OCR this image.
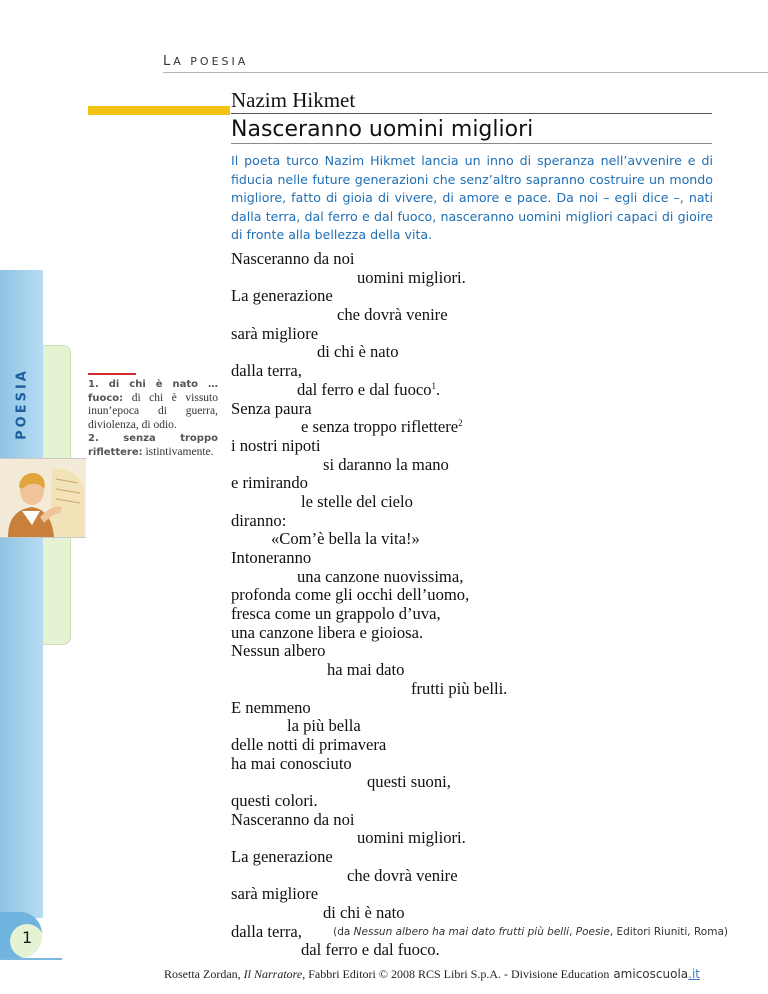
LA POESIA
Nazim Hikmet
Nasceranno uomini migliori
Il poeta turco Nazim Hikmet lancia un inno di speranza nell’avvenire e di fiducia nelle future generazioni che senz’altro sapranno costruire un mondo migliore, fatto di gioia di vivere, di amore e pace. Da noi – egli dice –, nati dalla terra, dal ferro e dal fuoco, nasceranno uomini migliori capaci di gioire di fronte alla bellezza della vita.
POESIA	1. di chi è nato … fuoco: di chi è vissuto inun’epoca di guerra, diviolenza, di odio.

2. senza troppo riflettere: istintivamente.

Nasceranno da noi
uomini migliori.
La generazione
che dovrà venire
sarà migliore
di chi è nato
dalla terra,
dal ferro e dal fuoco$^1$.
Senza paura
e senza troppo riflettere$^2$
i nostri nipoti
si daranno la mano
e rimirando
le stelle del cielo
diranno:
«Com’è bella la vita!»
Intoneranno
una canzone nuovissima,
profonda come gli occhi dell’uomo,
fresca come un grappolo d’uva,
una canzone libera e gioiosa.
Nessun albero
ha mai dato
frutti più belli.
E nemmeno
la più bella
delle notti di primavera
ha mai conosciuto
questi suoni,
questi colori.
Nasceranno da noi
uomini migliori.
La generazione
che dovrà venire
sarà migliore
di chi è nato
dalla terra,
dal ferro e dal fuoco.
(da Nessun albero ha mai dato frutti più belli, Poesie, Editori Riuniti, Roma)
1
Rosetta Zordan, Il Narratore, Fabbri Editori © 2008 RCS Libri S.p.A. - Divisione Education amicoscuola.it
